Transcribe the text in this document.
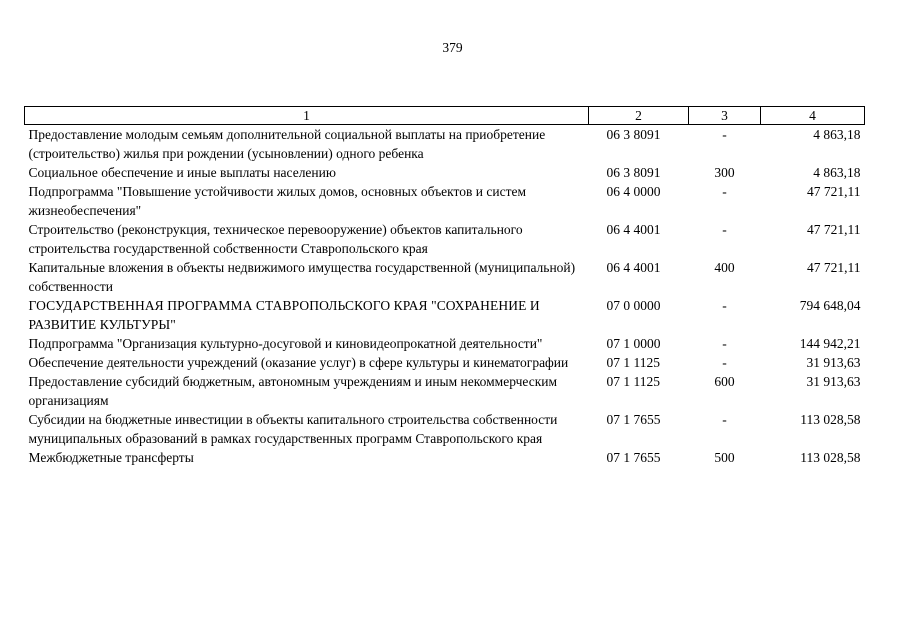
379
1	2	3	4
Предоставление молодым семьям дополнительной социальной выплаты на приобретение (строительство) жилья при рождении (усыновлении) одного ребенка	06 3 8091	-	4 863,18
Социальное обеспечение и иные выплаты населению	06 3 8091	300	4 863,18
Подпрограмма "Повышение устойчивости жилых домов, основных объектов и систем жизнеобеспечения"	06 4 0000	-	47 721,11
Строительство (реконструкция, техническое перевооружение) объектов капитального строительства государственной собственности Ставропольского края	06 4 4001	-	47 721,11
Капитальные вложения в объекты недвижимого имущества государственной (муниципальной) собственности	06 4 4001	400	47 721,11
ГОСУДАРСТВЕННАЯ ПРОГРАММА СТАВРОПОЛЬСКОГО КРАЯ "СОХРАНЕНИЕ И РАЗВИТИЕ КУЛЬТУРЫ"	07 0 0000	-	794 648,04
Подпрограмма "Организация культурно-досуговой и киновидеопрокатной деятельности"	07 1 0000	-	144 942,21
Обеспечение деятельности учреждений (оказание услуг) в сфере культуры и кинематографии	07 1 1125	-	31 913,63
Предоставление субсидий бюджетным, автономным учреждениям и иным некоммерческим организациям	07 1 1125	600	31 913,63
Субсидии на бюджетные инвестиции в объекты капитального строительства собственности муниципальных образований в рамках государственных программ Ставропольского края	07 1 7655	-	113 028,58
Межбюджетные трансферты	07 1 7655	500	113 028,58
